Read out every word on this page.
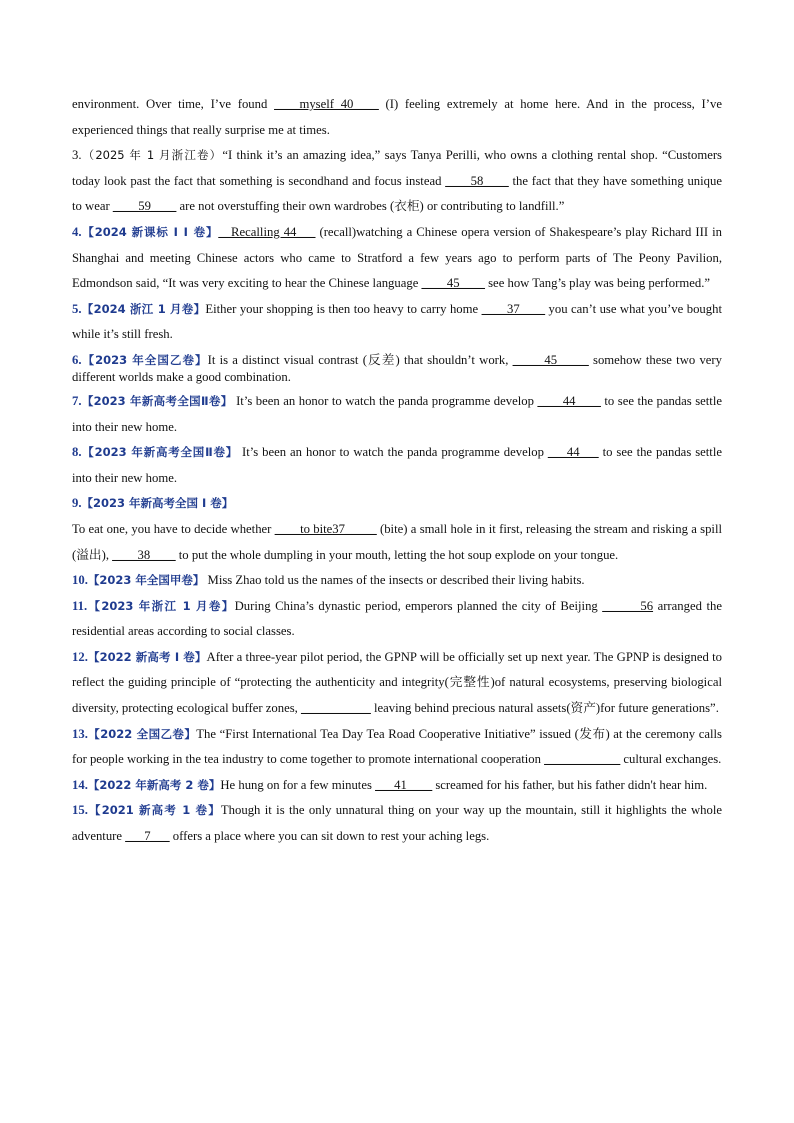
environment. Over time, I’ve found ____myself 40____ (I) feeling extremely at home here. And in the process, I’ve experienced things that really surprise me at times.

3.（2025 年 1 月浙江卷）“I think it’s an amazing idea,” says Tanya Perilli, who owns a clothing rental shop. “Customers today look past the fact that something is secondhand and focus instead ____58____ the fact that they have something unique to wear ____59____ are not overstuffing their own wardrobes (衣柜) or contributing to landfill.”

4.【2024 新课标 Ⅰ Ⅰ 卷】__Recalling 44___ (recall)watching a Chinese opera version of Shakespeare’s play Richard III in Shanghai and meeting Chinese actors who came to Stratford a few years ago to perform parts of The Peony Pavilion, Edmondson said, “It was very exciting to hear the Chinese language ____45____ see how Tang’s play was being performed.”

5.【2024 浙江 1 月卷】Either your shopping is then too heavy to carry home ____37____ you can’t use what you’ve bought while it’s still fresh.

6.【2023 年全国乙卷】It is a distinct visual contrast (反差) that shouldn’t work, _____45_____ somehow these two very different worlds make a good combination.

7.【2023 年新高考全国Ⅱ卷】 It’s been an honor to watch the panda programme develop ____44____ to see the pandas settle into their new home.

8.【2023 年新高考全国Ⅱ卷】 It’s been an honor to watch the panda programme develop ___44___ to see the pandas settle into their new home.

9.【2023 年新高考全国 I 卷】

To eat one, you have to decide whether ____to bite37_____ (bite) a small hole in it first, releasing the stream and risking a spill (溢出), ____38____ to put the whole dumpling in your mouth, letting the hot soup explode on your tongue.

10.【2023 年全国甲卷】 Miss Zhao told us the names of the insects or described their living habits.

11.【2023 年浙江 1 月卷】During China’s dynastic period, emperors planned the city of Beijing ______56 arranged the residential areas according to social classes.

12.【2022 新高考 I 卷】After a three-year pilot period, the GPNP will be officially set up next year. The GPNP is designed to reflect the guiding principle of “protecting the authenticity and integrity(完整性)of natural ecosystems, preserving biological diversity, protecting ecological buffer zones, ___________ leaving behind precious natural assets(资产)for future generations”.

13.【2022 全国乙卷】The “First International Tea Day Tea Road Cooperative Initiative” issued (发布) at the ceremony calls for people working in the tea industry to come together to promote international cooperation ____________ cultural exchanges.

14.【2022 年新高考 2 卷】He hung on for a few minutes ___41____ screamed for his father, but his father didn't hear him.

15.【2021 新高考 1 卷】Though it is the only unnatural thing on your way up the mountain, still it highlights the whole adventure ___7___ offers a place where you can sit down to rest your aching legs.
